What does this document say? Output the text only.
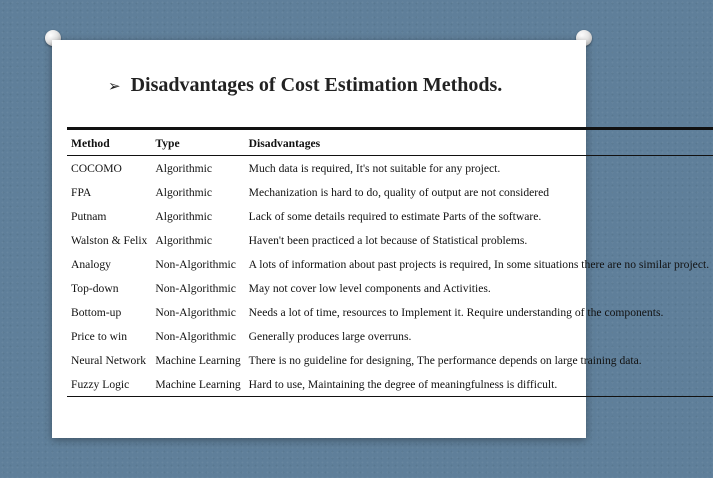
➢ Disadvantages of Cost Estimation Methods.
Method	Type	Disadvantages
COCOMO	Algorithmic	Much data is required, It's not suitable for any project.
FPA	Algorithmic	Mechanization is hard to do, quality of output are not considered
Putnam	Algorithmic	Lack of some details required to estimate Parts of the software.
Walston & Felix	Algorithmic	Haven't been practiced a lot because of Statistical problems.
Analogy	Non-Algorithmic	A lots of information about past projects is required, In some situations there are no similar project.
Top-down	Non-Algorithmic	May not cover low level components and Activities.
Bottom-up	Non-Algorithmic	Needs a lot of time, resources to Implement it. Require understanding of the components.
Price to win	Non-Algorithmic	Generally produces large overruns.
Neural Network	Machine Learning	There is no guideline for designing, The performance depends on large training data.
Fuzzy Logic	Machine Learning	Hard to use, Maintaining the degree of meaningfulness is difficult.
